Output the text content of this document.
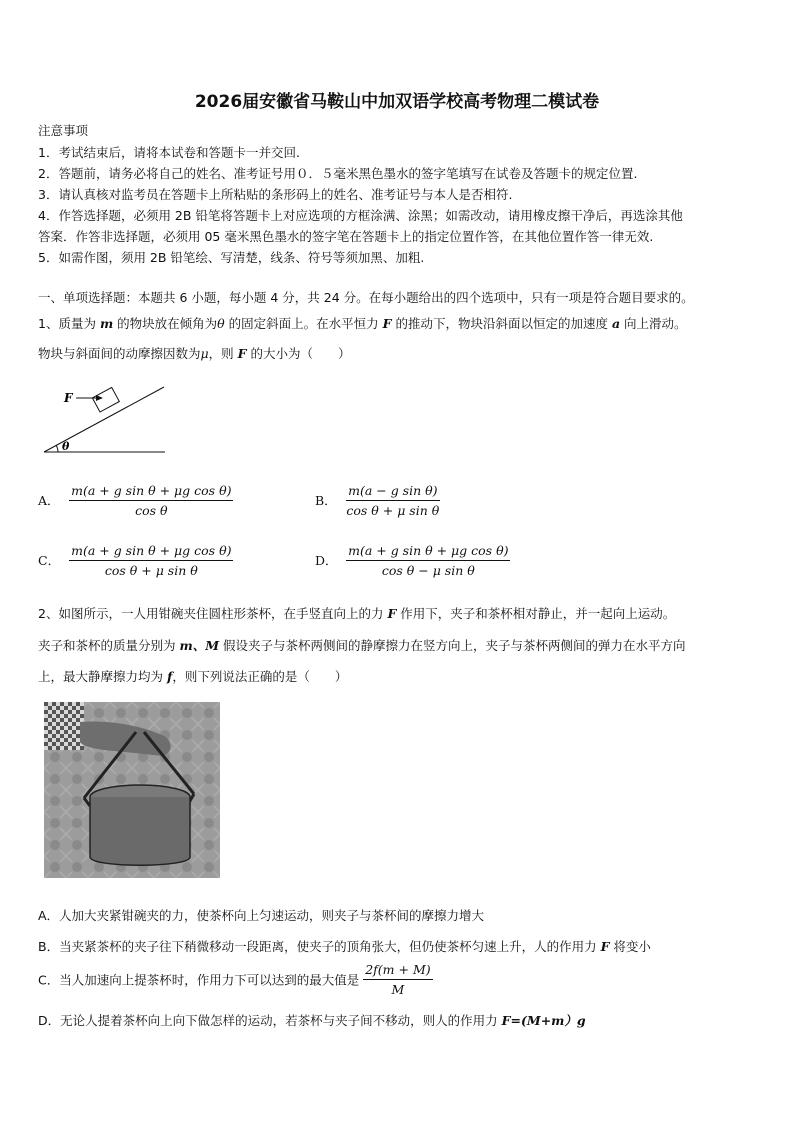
2026届安徽省马鞍山中加双语学校高考物理二模试卷
注意事项
1．考试结束后，请将本试卷和答题卡一并交回.
2．答题前，请务必将自己的姓名、准考证号用０．５毫米黑色墨水的签字笔填写在试卷及答题卡的规定位置.
3．请认真核对监考员在答题卡上所粘贴的条形码上的姓名、准考证号与本人是否相符.
4．作答选择题，必须用 2B 铅笔将答题卡上对应选项的方框涂满、涂黑；如需改动，请用橡皮擦干净后，再选涂其他
答案．作答非选择题，必须用 05 毫米黑色墨水的签字笔在答题卡上的指定位置作答，在其他位置作答一律无效.
5．如需作图，须用 2B 铅笔绘、写清楚，线条、符号等须加黑、加粗.
一、单项选择题：本题共 6 小题，每小题 4 分，共 24 分。在每小题给出的四个选项中，只有一项是符合题目要求的。
1、质量为 m 的物块放在倾角为θ 的固定斜面上。在水平恒力 F 的推动下，物块沿斜面以恒定的加速度 a 向上滑动。
物块与斜面间的动摩擦因数为μ，则 F 的大小为（　　）
F
θ
A． $\frac{\text{m(a + g sin θ + μg cos θ)}}{\text{cos θ}}$	B． $\frac{\text{m(a − g sin θ)}}{\text{cos θ + μ sin θ}}$
C． $\frac{\text{m(a + g sin θ + μg cos θ)}}{\text{cos θ + μ sin θ}}$	D． $\frac{\text{m(a + g sin θ + μg cos θ)}}{\text{cos θ − μ sin θ}}$
2、如图所示，一人用钳碗夹住圆柱形茶杯，在手竖直向上的力 F 作用下，夹子和茶杯相对静止，并一起向上运动。
夹子和茶杯的质量分别为 m、M 假设夹子与茶杯两侧间的静摩擦力在竖方向上，夹子与茶杯两侧间的弹力在水平方向
上，最大静摩擦力均为 f，则下列说法正确的是（　　）
A．人加大夹紧钳碗夹的力，使茶杯向上匀速运动，则夹子与茶杯间的摩擦力增大
B．当夹紧茶杯的夹子往下稍微移动一段距离，使夹子的顶角张大，但仍使茶杯匀速上升，人的作用力 F 将变小
C．当人加速向上提茶杯时，作用力下可以达到的最大值是 $\frac{2f(m + M)}{M}$
D．无论人提着茶杯向上向下做怎样的运动，若茶杯与夹子间不移动，则人的作用力 F=(M+m）g
